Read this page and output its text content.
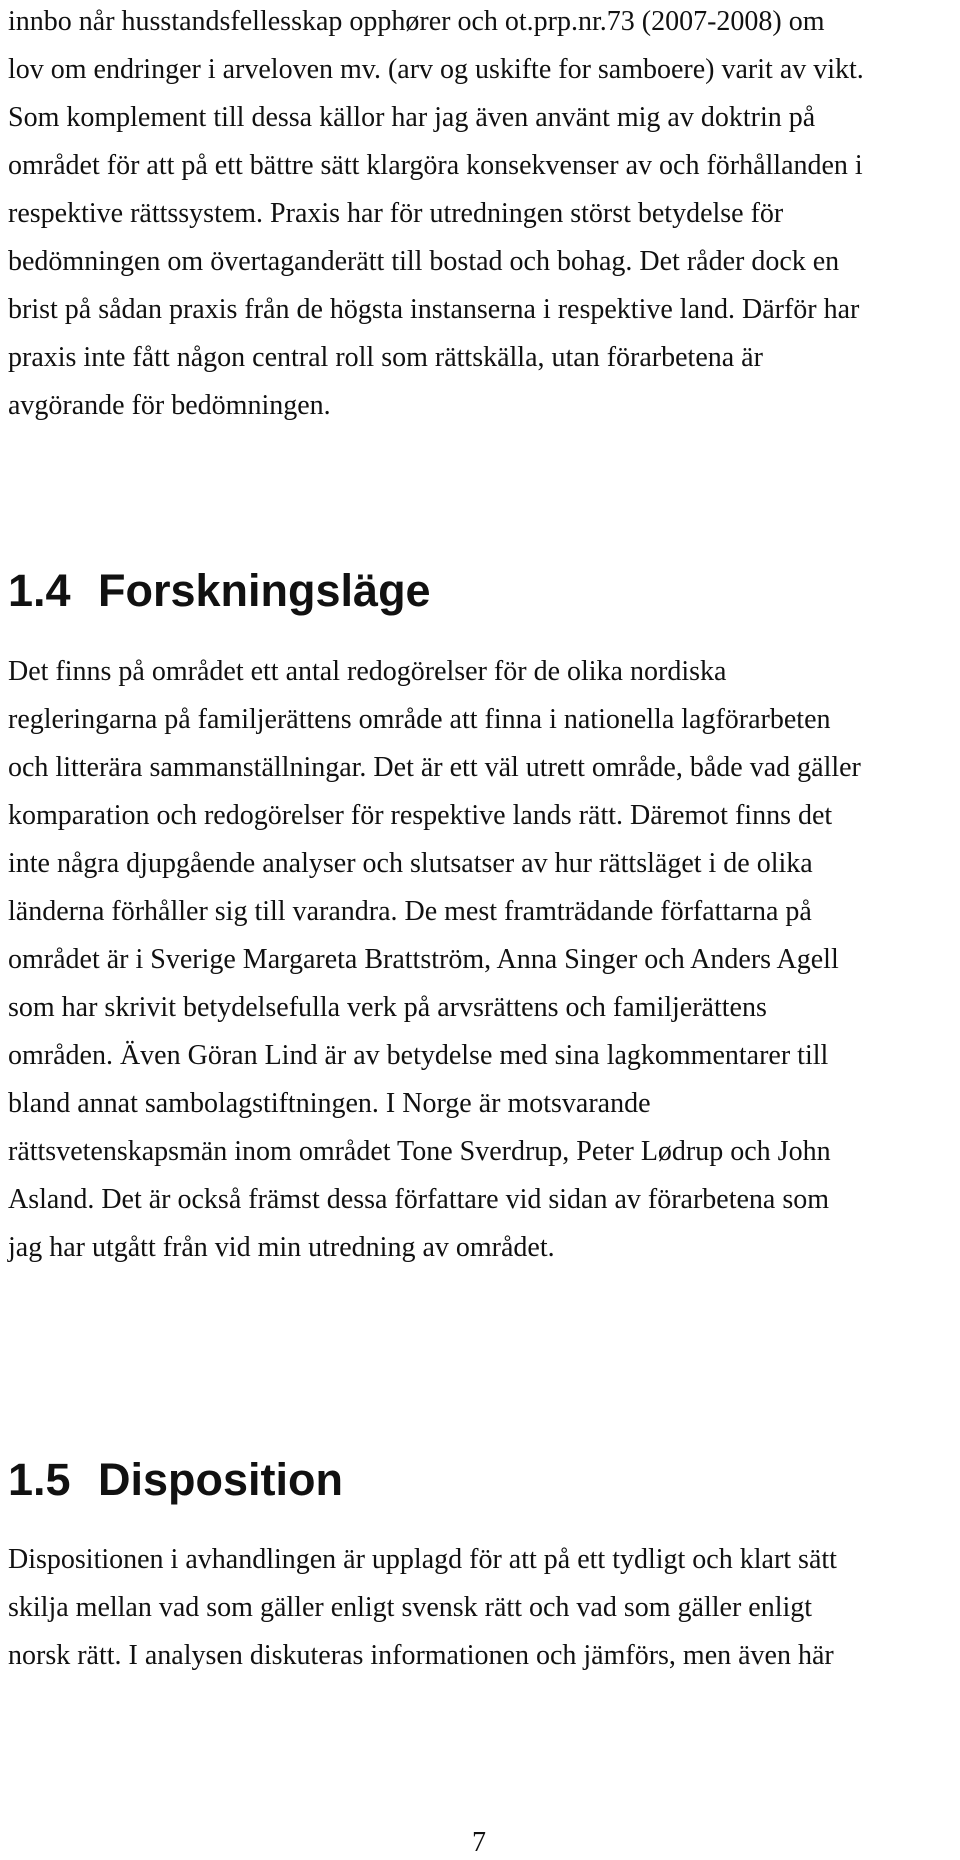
innbo når husstandsfellesskap opphører och ot.prp.nr.73 (2007-2008) om
lov om endringer i arveloven mv. (arv og uskifte for samboere) varit av vikt.
Som komplement till dessa källor har jag även använt mig av doktrin på
området för att på ett bättre sätt klargöra konsekvenser av och förhållanden i
respektive rättssystem. Praxis har för utredningen störst betydelse för
bedömningen om övertaganderätt till bostad och bohag. Det råder dock en
brist på sådan praxis från de högsta instanserna i respektive land. Därför har
praxis inte fått någon central roll som rättskälla, utan förarbetena är
avgörande för bedömningen.
1.4 Forskningsläge
Det finns på området ett antal redogörelser för de olika nordiska
regleringarna på familjerättens område att finna i nationella lagförarbeten
och litterära sammanställningar. Det är ett väl utrett område, både vad gäller
komparation och redogörelser för respektive lands rätt. Däremot finns det
inte några djupgående analyser och slutsatser av hur rättsläget i de olika
länderna förhåller sig till varandra. De mest framträdande författarna på
området är i Sverige Margareta Brattström, Anna Singer och Anders Agell
som har skrivit betydelsefulla verk på arvsrättens och familjerättens
områden. Även Göran Lind är av betydelse med sina lagkommentarer till
bland annat sambolagstiftningen. I Norge är motsvarande
rättsvetenskapsmän inom området Tone Sverdrup, Peter Lødrup och John
Asland. Det är också främst dessa författare vid sidan av förarbetena som
jag har utgått från vid min utredning av området.
1.5 Disposition
Dispositionen i avhandlingen är upplagd för att på ett tydligt och klart sätt
skilja mellan vad som gäller enligt svensk rätt och vad som gäller enligt
norsk rätt. I analysen diskuteras informationen och jämförs, men även här
7
